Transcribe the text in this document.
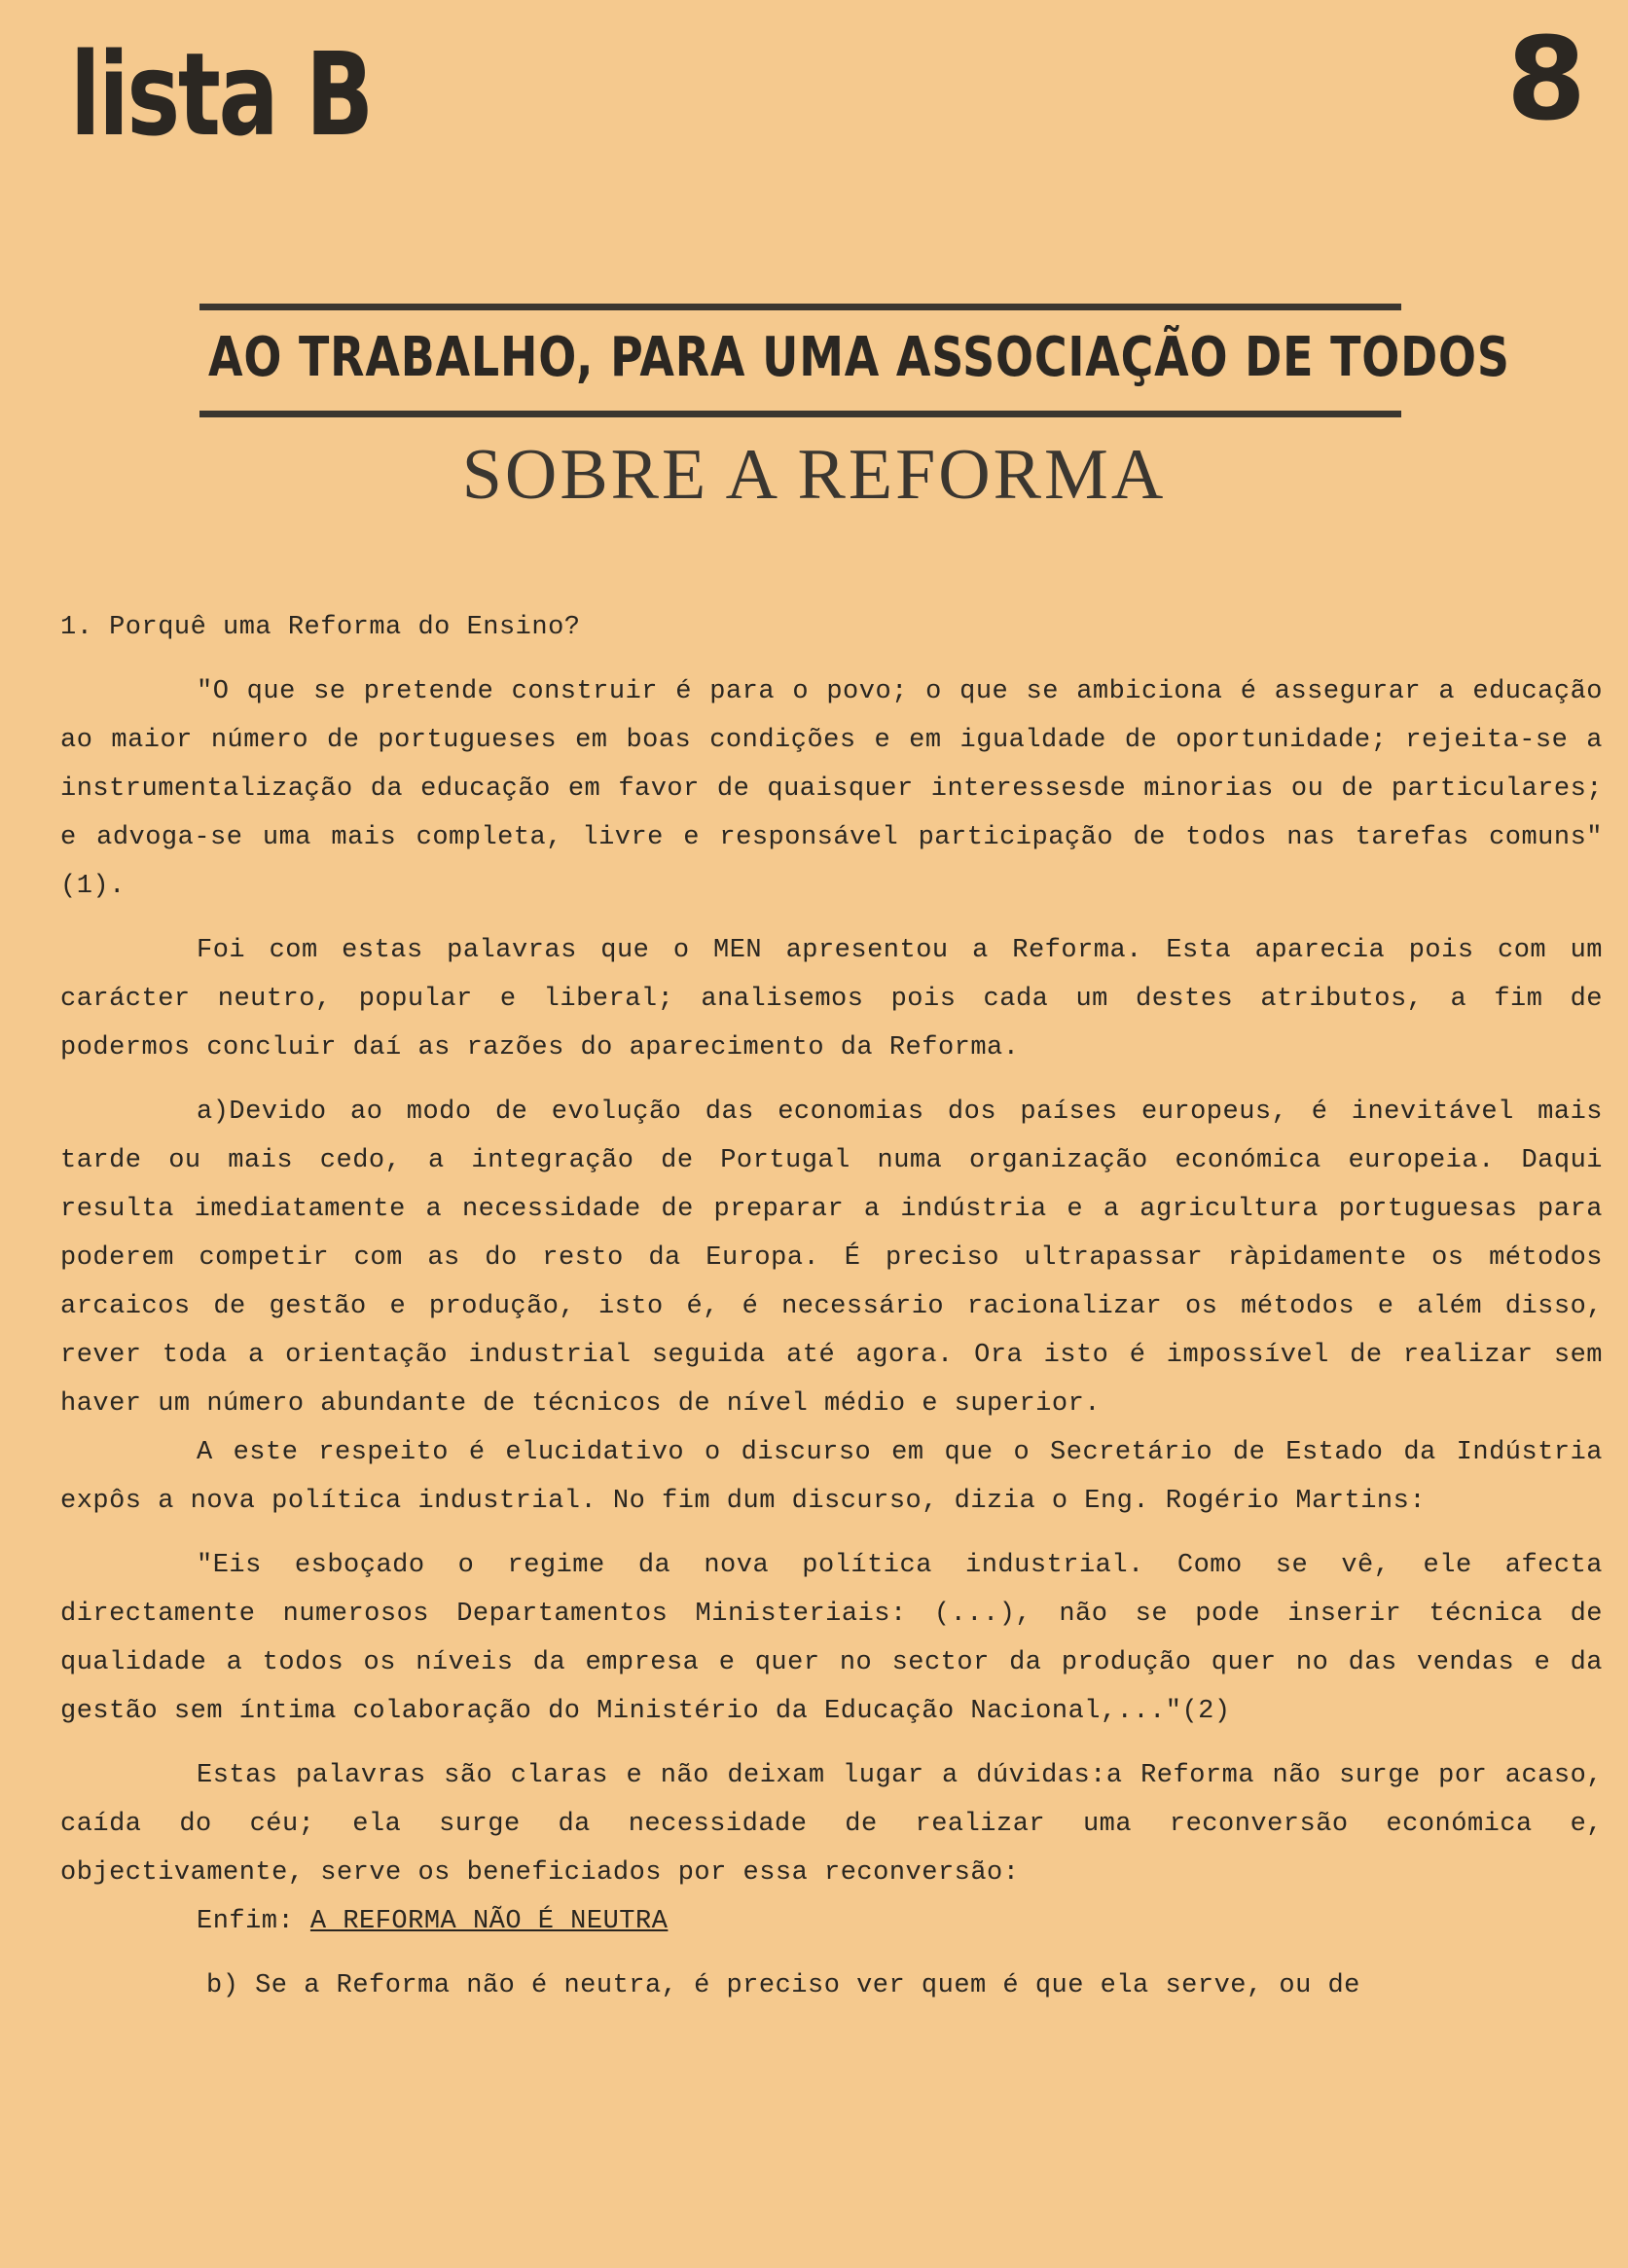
lista B	8
AO TRABALHO, PARA UMA ASSOCIAÇÃO DE TODOS
SOBRE A REFORMA

1. Porquê uma Reforma do Ensino?

"O que se pretende construir é para o povo; o que se ambiciona é assegurar a educação ao maior número de portugueses em boas condições e em igualdade de oportunidade; rejeita-se a instrumentalização da educação em favor de quaisquer interessesde minorias ou de particulares; e advoga-se uma mais completa, livre e responsável participação de todos nas tarefas comuns" (1).

Foi com estas palavras que o MEN apresentou a Reforma. Esta aparecia pois com um carácter neutro, popular e liberal; analisemos pois cada um destes atributos, a fim de podermos concluir daí as razões do aparecimento da Reforma.

a)Devido ao modo de evolução das economias dos países europeus, é inevitável mais tarde ou mais cedo, a integração de Portugal numa organização económica europeia. Daqui resulta imediatamente a necessidade de preparar a indústria e a agricultura portuguesas para poderem competir com as do resto da Europa. É preciso ultrapassar ràpidamente os métodos arcaicos de gestão e produção, isto é, é necessário racionalizar os métodos e além disso, rever toda a orientação industrial seguida até agora. Ora isto é impossível de realizar sem haver um número abundante de técnicos de nível médio e superior.

A este respeito é elucidativo o discurso em que o Secretário de Estado da Indústria expôs a nova política industrial. No fim dum discurso, dizia o Eng. Rogério Martins:

"Eis esboçado o regime da nova política industrial. Como se vê, ele afecta directamente numerosos Departamentos Ministeriais: (...), não se pode inserir técnica de qualidade a todos os níveis da empresa e quer no sector da produção quer no das vendas e da gestão sem íntima colaboração do Ministério da Educação Nacional,..."(2)

Estas palavras são claras e não deixam lugar a dúvidas:a Reforma não surge por acaso, caída do céu; ela surge da necessidade de realizar uma reconversão económica e, objectivamente, serve os beneficiados por essa reconversão:

Enfim: A REFORMA NÃO É NEUTRA

b) Se a Reforma não é neutra, é preciso ver quem é que ela serve, ou de
